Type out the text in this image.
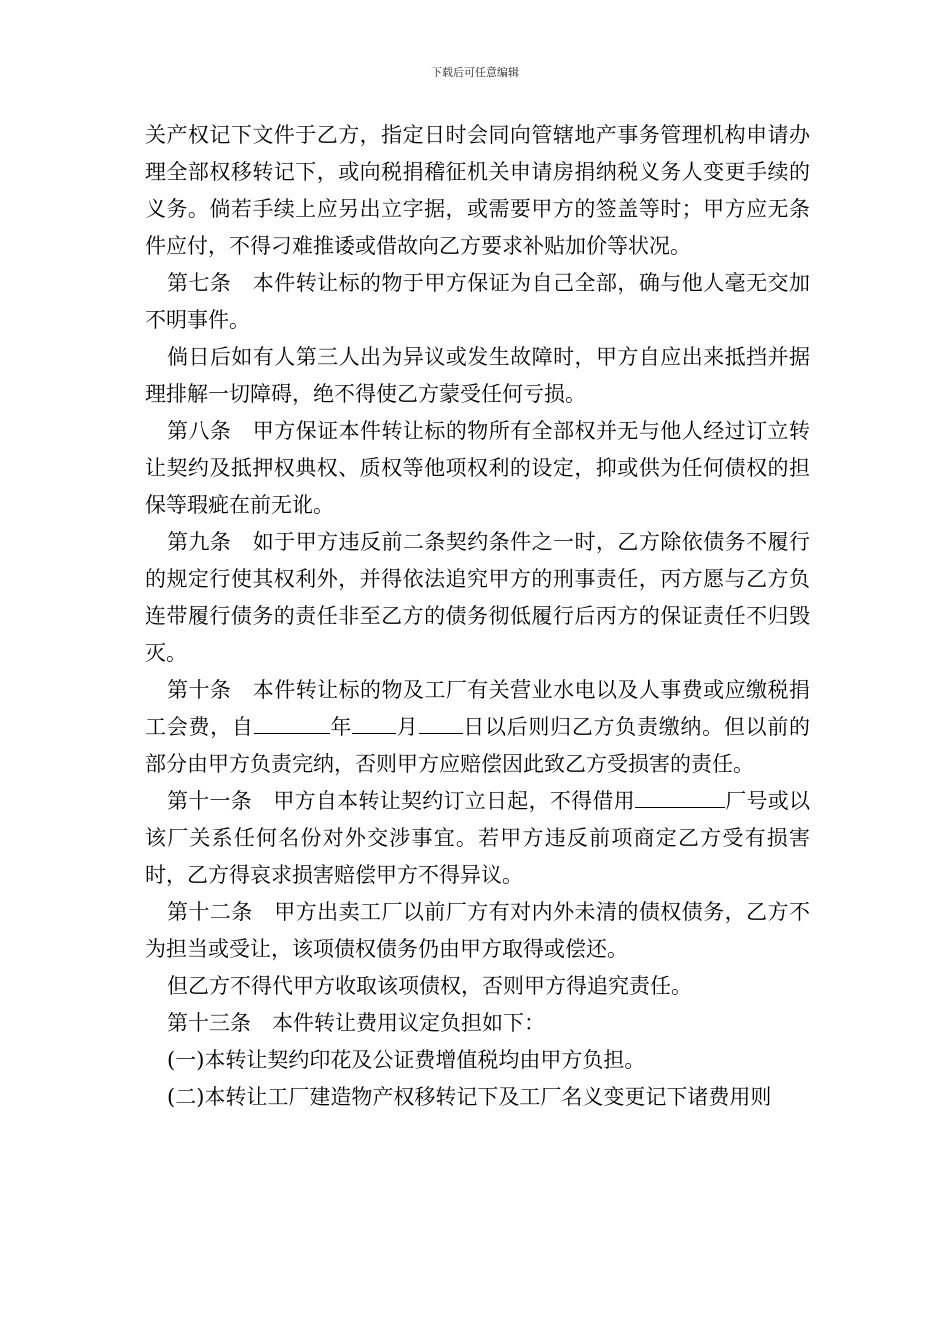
下载后可任意编辑

关产权记下文件于乙方，指定日时会同向管辖地产事务管理机构申请办理全部权移转记下，或向税捐稽征机关申请房捐纳税义务人变更手续的义务。倘若手续上应另出立字据，或需要甲方的签盖等时；甲方应无条件应付，不得刁难推诿或借故向乙方要求补贴加价等状况。

第七条　本件转让标的物于甲方保证为自己全部，确与他人毫无交加不明事件。

倘日后如有人第三人出为异议或发生故障时，甲方自应出来抵挡并据理排解一切障碍，绝不得使乙方蒙受任何亏损。

第八条　甲方保证本件转让标的物所有全部权并无与他人经过订立转让契约及抵押权典权、质权等他项权利的设定，抑或供为任何债权的担保等瑕疵在前无讹。

第九条　如于甲方违反前二条契约条件之一时，乙方除依债务不履行的规定行使其权利外，并得依法追究甲方的刑事责任，丙方愿与乙方负连带履行债务的责任非至乙方的债务彻低履行后丙方的保证责任不归毁灭。

第十条　本件转让标的物及工厂有关营业水电以及人事费或应缴税捐工会费，自	年 月 日以后则归乙方负责缴纳。但以前的部分由甲方负责完纳，否则甲方应赔偿因此致乙方受损害的责任。

第十一条　甲方自本转让契约订立日起，不得借用	厂号或以该厂关系任何名份对外交涉事宜。若甲方违反前项商定乙方受有损害时，乙方得哀求损害赔偿甲方不得异议。

第十二条　甲方出卖工厂以前厂方有对内外未清的债权债务，乙方不为担当或受让，该项债权债务仍由甲方取得或偿还。

但乙方不得代甲方收取该项债权，否则甲方得追究责任。

第十三条　本件转让费用议定负担如下：

(一)本转让契约印花及公证费增值税均由甲方负担。

(二)本转让工厂建造物产权移转记下及工厂名义变更记下诸费用则
